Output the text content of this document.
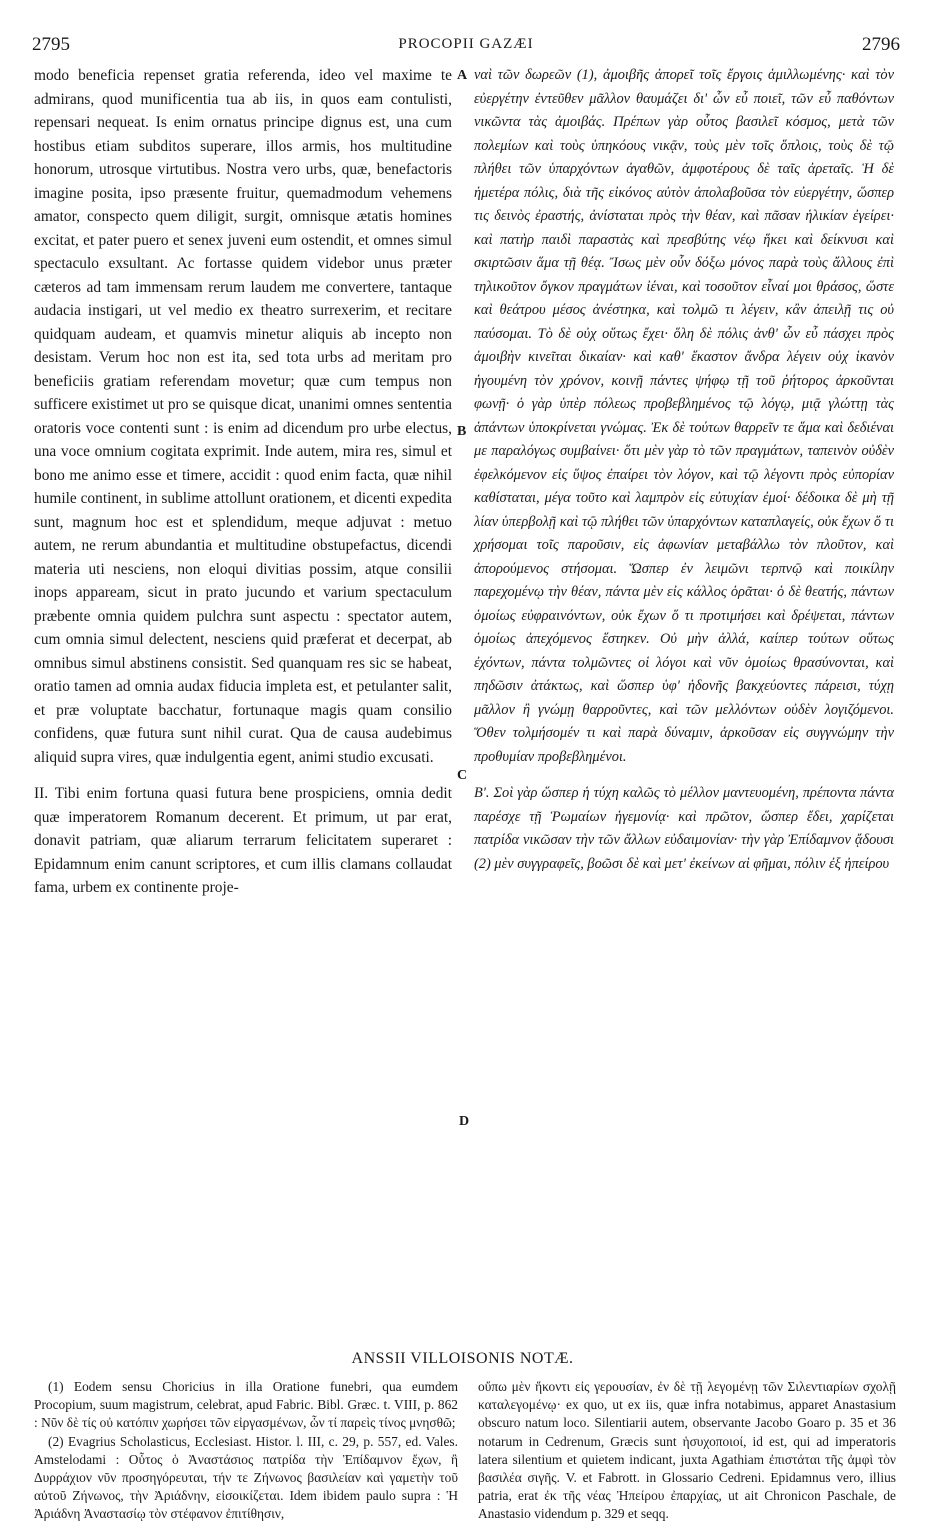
2795	PROCOPII GAZÆI	2796

modo beneficia repenset gratia referenda, ideo vel maxime te admirans, quod munificentia tua ab iis, in quos eam contulisti, repensari nequeat. Is enim ornatus principe dignus est, una cum hostibus etiam subditos superare, illos armis, hos multitudine honorum, utrosque virtutibus. Nostra vero urbs, quæ, benefactoris imagine posita, ipso præsente fruitur, quemadmodum vehemens amator, conspecto quem diligit, surgit, omnisque ætatis homines excitat, et pater puero et senex juveni eum ostendit, et omnes simul spectaculo exsultant. Ac fortasse quidem videbor unus præter cæteros ad tam immensam rerum laudem me convertere, tantaque audacia instigari, ut vel medio ex theatro surrexerim, et recitare quidquam audeam, et quamvis minetur aliquis ab incepto non desistam. Verum hoc non est ita, sed tota urbs ad meritam pro beneficiis gratiam referendam movetur; quæ cum tempus non sufficere existimet ut pro se quisque dicat, unanimi omnes sententia oratoris voce contenti sunt : is enim ad dicendum pro urbe electus, una voce omnium cogitata exprimit. Inde autem, mira res, simul et bono me animo esse et timere, accidit : quod enim facta, quæ nihil humile continent, in sublime attollunt orationem, et dicenti expedita sunt, magnum hoc est et splendidum, meque adjuvat : metuo autem, ne rerum abundantia et multitudine obstupefactus, dicendi materia uti nesciens, non eloqui divitias possim, atque consilii inops appaream, sicut in prato jucundo et varium spectaculum præbente omnia quidem pulchra sunt aspectu : spectator autem, cum omnia simul delectent, nesciens quid præferat et decerpat, ab omnibus simul abstinens consistit. Sed quanquam res sic se habeat, oratio tamen ad omnia audax fiducia impleta est, et petulanter salit, et præ voluptate bacchatur, fortunaque magis quam consilio confidens, quæ futura sunt nihil curat. Qua de causa audebimus aliquid supra vires, quæ indulgentia egent, animi studio excusati.

II. Tibi enim fortuna quasi futura bene prospiciens, omnia dedit quæ imperatorem Romanum decerent. Et primum, ut par erat, donavit patriam, quæ aliarum terrarum felicitatem superaret : Epidamnum enim canunt scriptores, et cum illis clamans collaudat fama, urbem ex continente proje-

ναὶ τῶν δωρεῶν (1), ἀμοιβῆς ἀπορεῖ τοῖς ἔργοις ἁμιλλωμένης· καὶ τὸν εὐεργέτην ἐντεῦθεν μᾶλλον θαυμάζει δι' ὧν εὖ ποιεῖ, τῶν εὖ παθόντων νικῶντα τὰς ἀμοιβάς. Πρέπων γὰρ οὗτος βασιλεῖ κόσμος, μετὰ τῶν πολεμίων καὶ τοὺς ὑπηκόους νικᾷν, τοὺς μὲν τοῖς ὅπλοις, τοὺς δὲ τῷ πλήθει τῶν ὑπαρχόντων ἀγαθῶν, ἀμφοτέρους δὲ ταῖς ἀρεταῖς. Ἡ δὲ ἡμετέρα πόλις, διὰ τῆς εἰκόνος αὐτὸν ἀπολαβοῦσα τὸν εὐεργέτην, ὥσπερ τις δεινὸς ἐραστής, ἀνίσταται πρὸς τὴν θέαν, καὶ πᾶσαν ἡλικίαν ἐγείρει· καὶ πατὴρ παιδὶ παραστὰς καὶ πρεσβύτης νέῳ ἥκει καὶ δείκνυσι καὶ σκιρτῶσιν ἅμα τῇ θέᾳ. Ἴσως μὲν οὖν δόξω μόνος παρὰ τοὺς ἄλλους ἐπὶ τηλικοῦτον ὄγκον πραγμάτων ἰέναι, καὶ τοσοῦτον εἶναί μοι θράσος, ὥστε καὶ θεάτρου μέσος ἀνέστηκα, καὶ τολμῶ τι λέγειν, κἂν ἀπειλῇ τις οὐ παύσομαι. Τὸ δὲ οὐχ οὕτως ἔχει· ὅλη δὲ πόλις ἀνθ' ὧν εὖ πάσχει πρὸς ἀμοιβὴν κινεῖται δικαίαν· καὶ καθ' ἕκαστον ἄνδρα λέγειν οὐχ ἱκανὸν ἡγουμένη τὸν χρόνον, κοινῇ πάντες ψήφῳ τῇ τοῦ ῥήτορος ἀρκοῦνται φωνῇ· ὁ γὰρ ὑπὲρ πόλεως προβεβλημένος τῷ λόγῳ, μιᾷ γλώττῃ τὰς ἁπάντων ὑποκρίνεται γνώμας. Ἐκ δὲ τούτων θαρρεῖν τε ἅμα καὶ δεδιέναι με παραλόγως συμβαίνει· ὅτι μὲν γὰρ τὸ τῶν πραγμάτων, ταπεινὸν οὐδὲν ἐφελκόμενον εἰς ὕψος ἐπαίρει τὸν λόγον, καὶ τῷ λέγοντι πρὸς εὐπορίαν καθίσταται, μέγα τοῦτο καὶ λαμπρὸν εἰς εὐτυχίαν ἐμοί· δέδοικα δὲ μὴ τῇ λίαν ὑπερβολῇ καὶ τῷ πλήθει τῶν ὑπαρχόντων καταπλαγείς, οὐκ ἔχων ὅ τι χρήσομαι τοῖς παροῦσιν, εἰς ἀφωνίαν μεταβάλλω τὸν πλοῦτον, καὶ ἀπορούμενος στήσομαι. Ὥσπερ ἐν λειμῶνι τερπνῷ καὶ ποικίλην παρεχομένῳ τὴν θέαν, πάντα μὲν εἰς κάλλος ὁρᾶται· ὁ δὲ θεατής, πάντων ὁμοίως εὐφραινόντων, οὐκ ἔχων ὅ τι προτιμήσει καὶ δρέψεται, πάντων ὁμοίως ἀπεχόμενος ἕστηκεν. Οὐ μὴν ἀλλά, καίπερ τούτων οὕτως ἐχόντων, πάντα τολμῶντες οἱ λόγοι καὶ νῦν ὁμοίως θρασύνονται, καὶ πηδῶσιν ἀτάκτως, καὶ ὥσπερ ὑφ' ἡδονῆς βακχεύοντες πάρεισι, τύχῃ μᾶλλον ἢ γνώμῃ θαρροῦντες, καὶ τῶν μελλόντων οὐδὲν λογιζόμενοι. Ὅθεν τολμήσομέν τι καὶ παρὰ δύναμιν, ἀρκοῦσαν εἰς συγγνώμην τὴν προθυμίαν προβεβλημένοι.

Β'. Σοὶ γὰρ ὥσπερ ἡ τύχη καλῶς τὸ μέλλον μαντευομένη, πρέποντα πάντα παρέσχε τῇ Ῥωμαίων ἡγεμονίᾳ· καὶ πρῶτον, ὥσπερ ἔδει, χαρίζεται πατρίδα νικῶσαν τὴν τῶν ἄλλων εὐδαιμονίαν· τὴν γὰρ Ἐπίδαμνον ᾄδουσι (2) μὲν συγγραφεῖς, βοῶσι δὲ καὶ μετ' ἐκείνων αἱ φῆμαι, πόλιν ἐξ ἠπείρου

A
B
C
D
ANSSII VILLOISONIS NOTÆ.

(1) Eodem sensu Choricius in illa Oratione funebri, qua eumdem Procopium, suum magistrum, celebrat, apud Fabric. Bibl. Græc. t. VIII, p. 862 : Νῦν δὲ τίς οὐ κατόπιν χωρήσει τῶν εἰργασμένων, ὧν τί παρεὶς τίνος μνησθῶ;

(2) Evagrius Scholasticus, Ecclesiast. Histor. l. III, c. 29, p. 557, ed. Vales. Amstelodami : Οὗτος ὁ Ἀναστάσιος πατρίδα τὴν Ἐπίδαμνον ἔχων, ἢ Δυρράχιον νῦν προσηγόρευται, τήν τε Ζήνωνος βασιλείαν καὶ γαμετὴν τοῦ αὐτοῦ Ζήνωνος, τὴν Ἀριάδνην, εἰσοικίζεται. Idem ibidem paulo supra : Ἡ Ἀριάδνη Ἀναστασίῳ τὸν στέφανον ἐπιτίθησιν,

οὔπω μὲν ἥκοντι εἰς γερουσίαν, ἐν δὲ τῇ λεγομένῃ τῶν Σιλεντιαρίων σχολῇ καταλεγομένῳ· ex quo, ut ex iis, quæ infra notabimus, apparet Anastasium obscuro natum loco. Silentiarii autem, observante Jacobo Goaro p. 35 et 36 notarum in Cedrenum, Græcis sunt ἡσυχοποιοί, id est, qui ad imperatoris latera silentium et quietem indicant, juxta Agathiam ἐπιστάται τῆς ἀμφὶ τὸν βασιλέα σιγῆς. V. et Fabrott. in Glossario Cedreni. Epidamnus vero, illius patria, erat ἐκ τῆς νέας Ἠπείρου ἐπαρχίας, ut ait Chronicon Paschale, de Anastasio videndum p. 329 et seqq.
